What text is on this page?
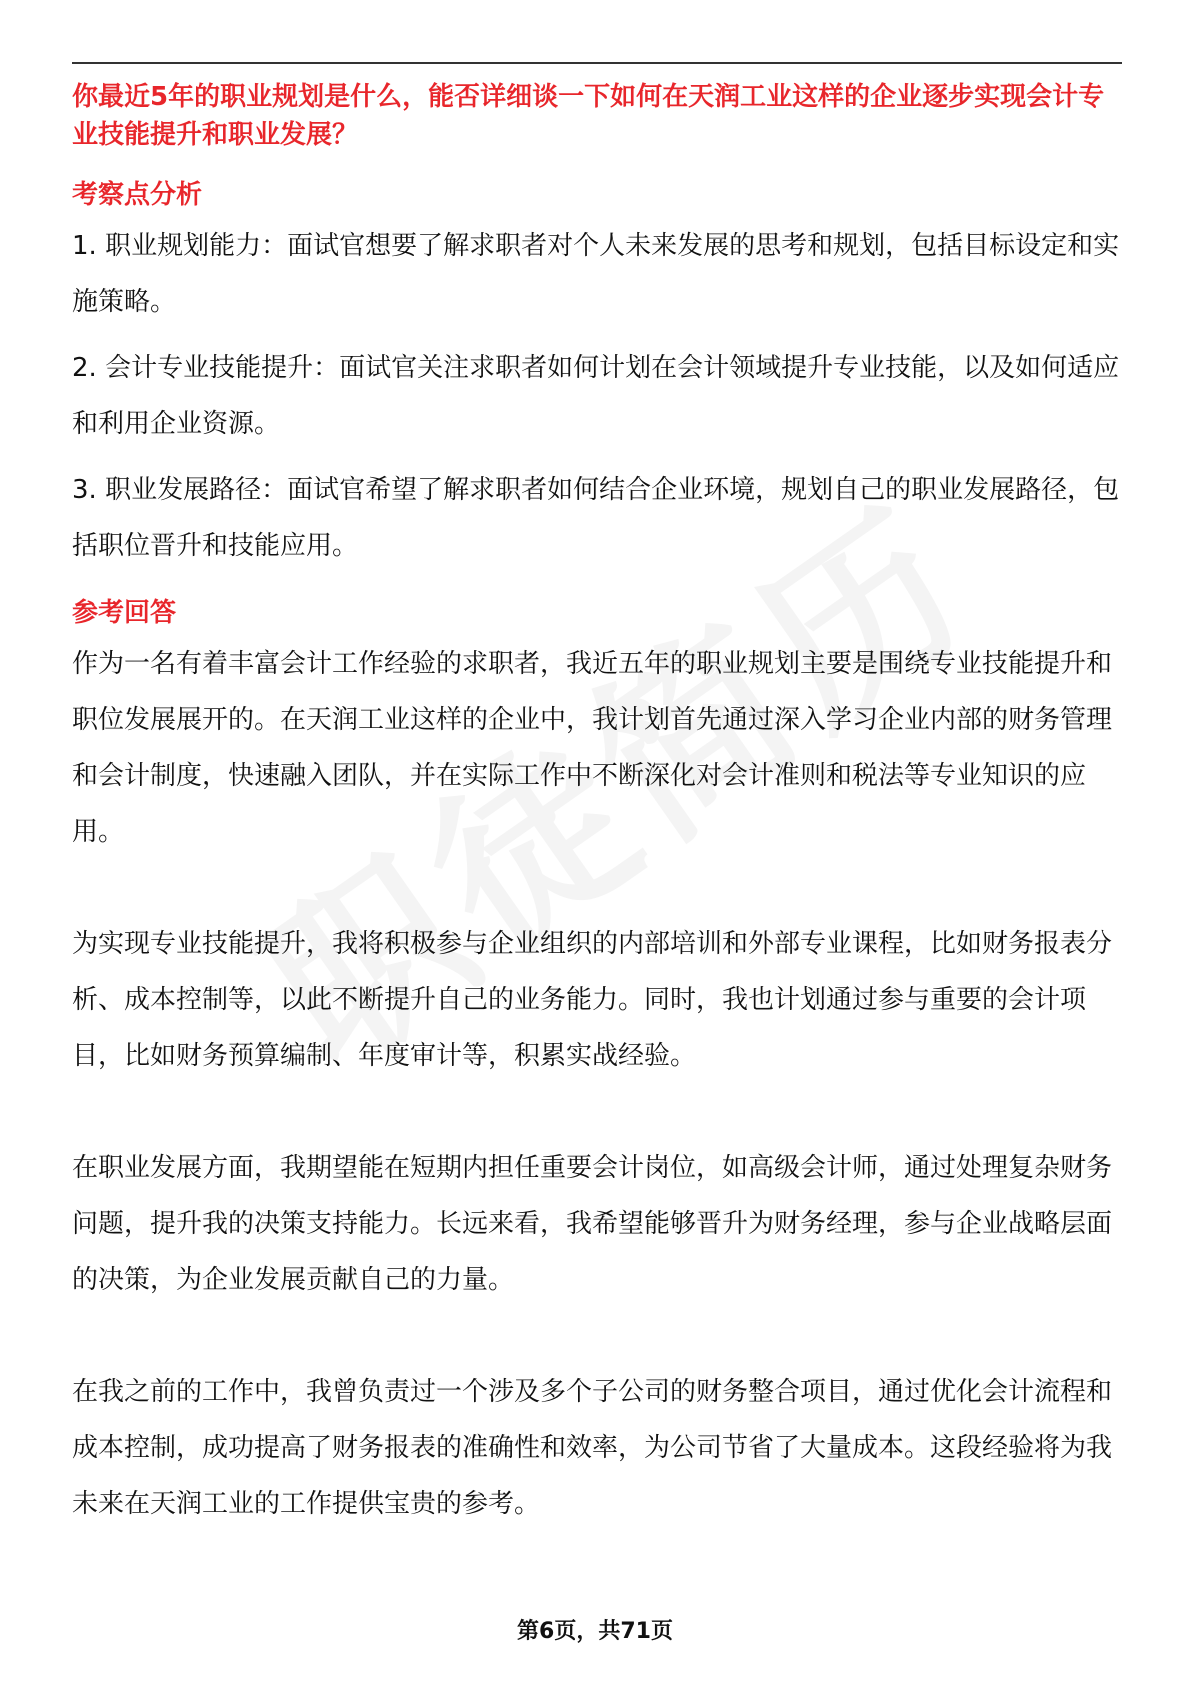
你最近5年的职业规划是什么，能否详细谈一下如何在天润工业这样的企业逐步实现会计专业技能提升和职业发展？

考察点分析

1. 职业规划能力：面试官想要了解求职者对个人未来发展的思考和规划，包括目标设定和实施策略。

2. 会计专业技能提升：面试官关注求职者如何计划在会计领域提升专业技能，以及如何适应和利用企业资源。

3. 职业发展路径：面试官希望了解求职者如何结合企业环境，规划自己的职业发展路径，包括职位晋升和技能应用。

参考回答

作为一名有着丰富会计工作经验的求职者，我近五年的职业规划主要是围绕专业技能提升和职位发展展开的。在天润工业这样的企业中，我计划首先通过深入学习企业内部的财务管理和会计制度，快速融入团队，并在实际工作中不断深化对会计准则和税法等专业知识的应用。

为实现专业技能提升，我将积极参与企业组织的内部培训和外部专业课程，比如财务报表分析、成本控制等，以此不断提升自己的业务能力。同时，我也计划通过参与重要的会计项目，比如财务预算编制、年度审计等，积累实战经验。

在职业发展方面，我期望能在短期内担任重要会计岗位，如高级会计师，通过处理复杂财务问题，提升我的决策支持能力。长远来看，我希望能够晋升为财务经理，参与企业战略层面的决策，为企业发展贡献自己的力量。

在我之前的工作中，我曾负责过一个涉及多个子公司的财务整合项目，通过优化会计流程和成本控制，成功提高了财务报表的准确性和效率，为公司节省了大量成本。这段经验将为我未来在天润工业的工作提供宝贵的参考。

第6页，共71页
